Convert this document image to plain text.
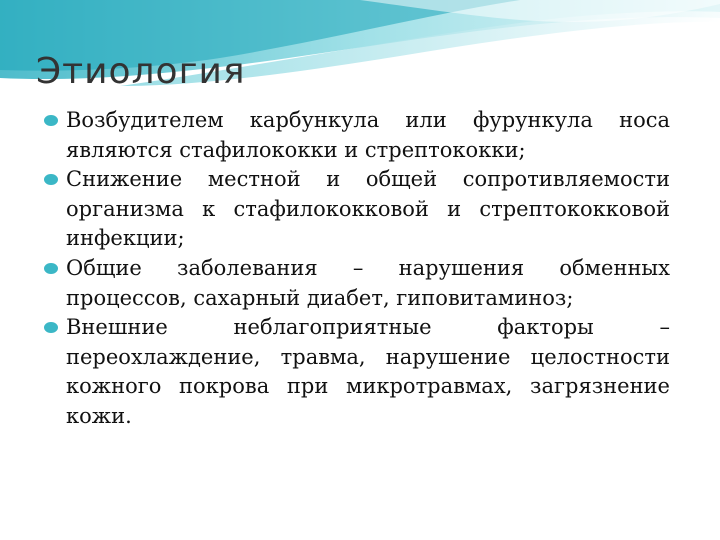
Этиология
Возбудителем карбункула или фурункула носа являются стафилококки и стрептококки;
Снижение местной и общей сопротивляемости организма к стафилококковой и стрептококковой инфекции;
Общие заболевания – нарушения обменных процессов, сахарный диабет, гиповитаминоз;
Внешние неблагоприятные факторы – переохлаждение, травма, нарушение целостности кожного покрова при микротравмах, загрязнение кожи.
